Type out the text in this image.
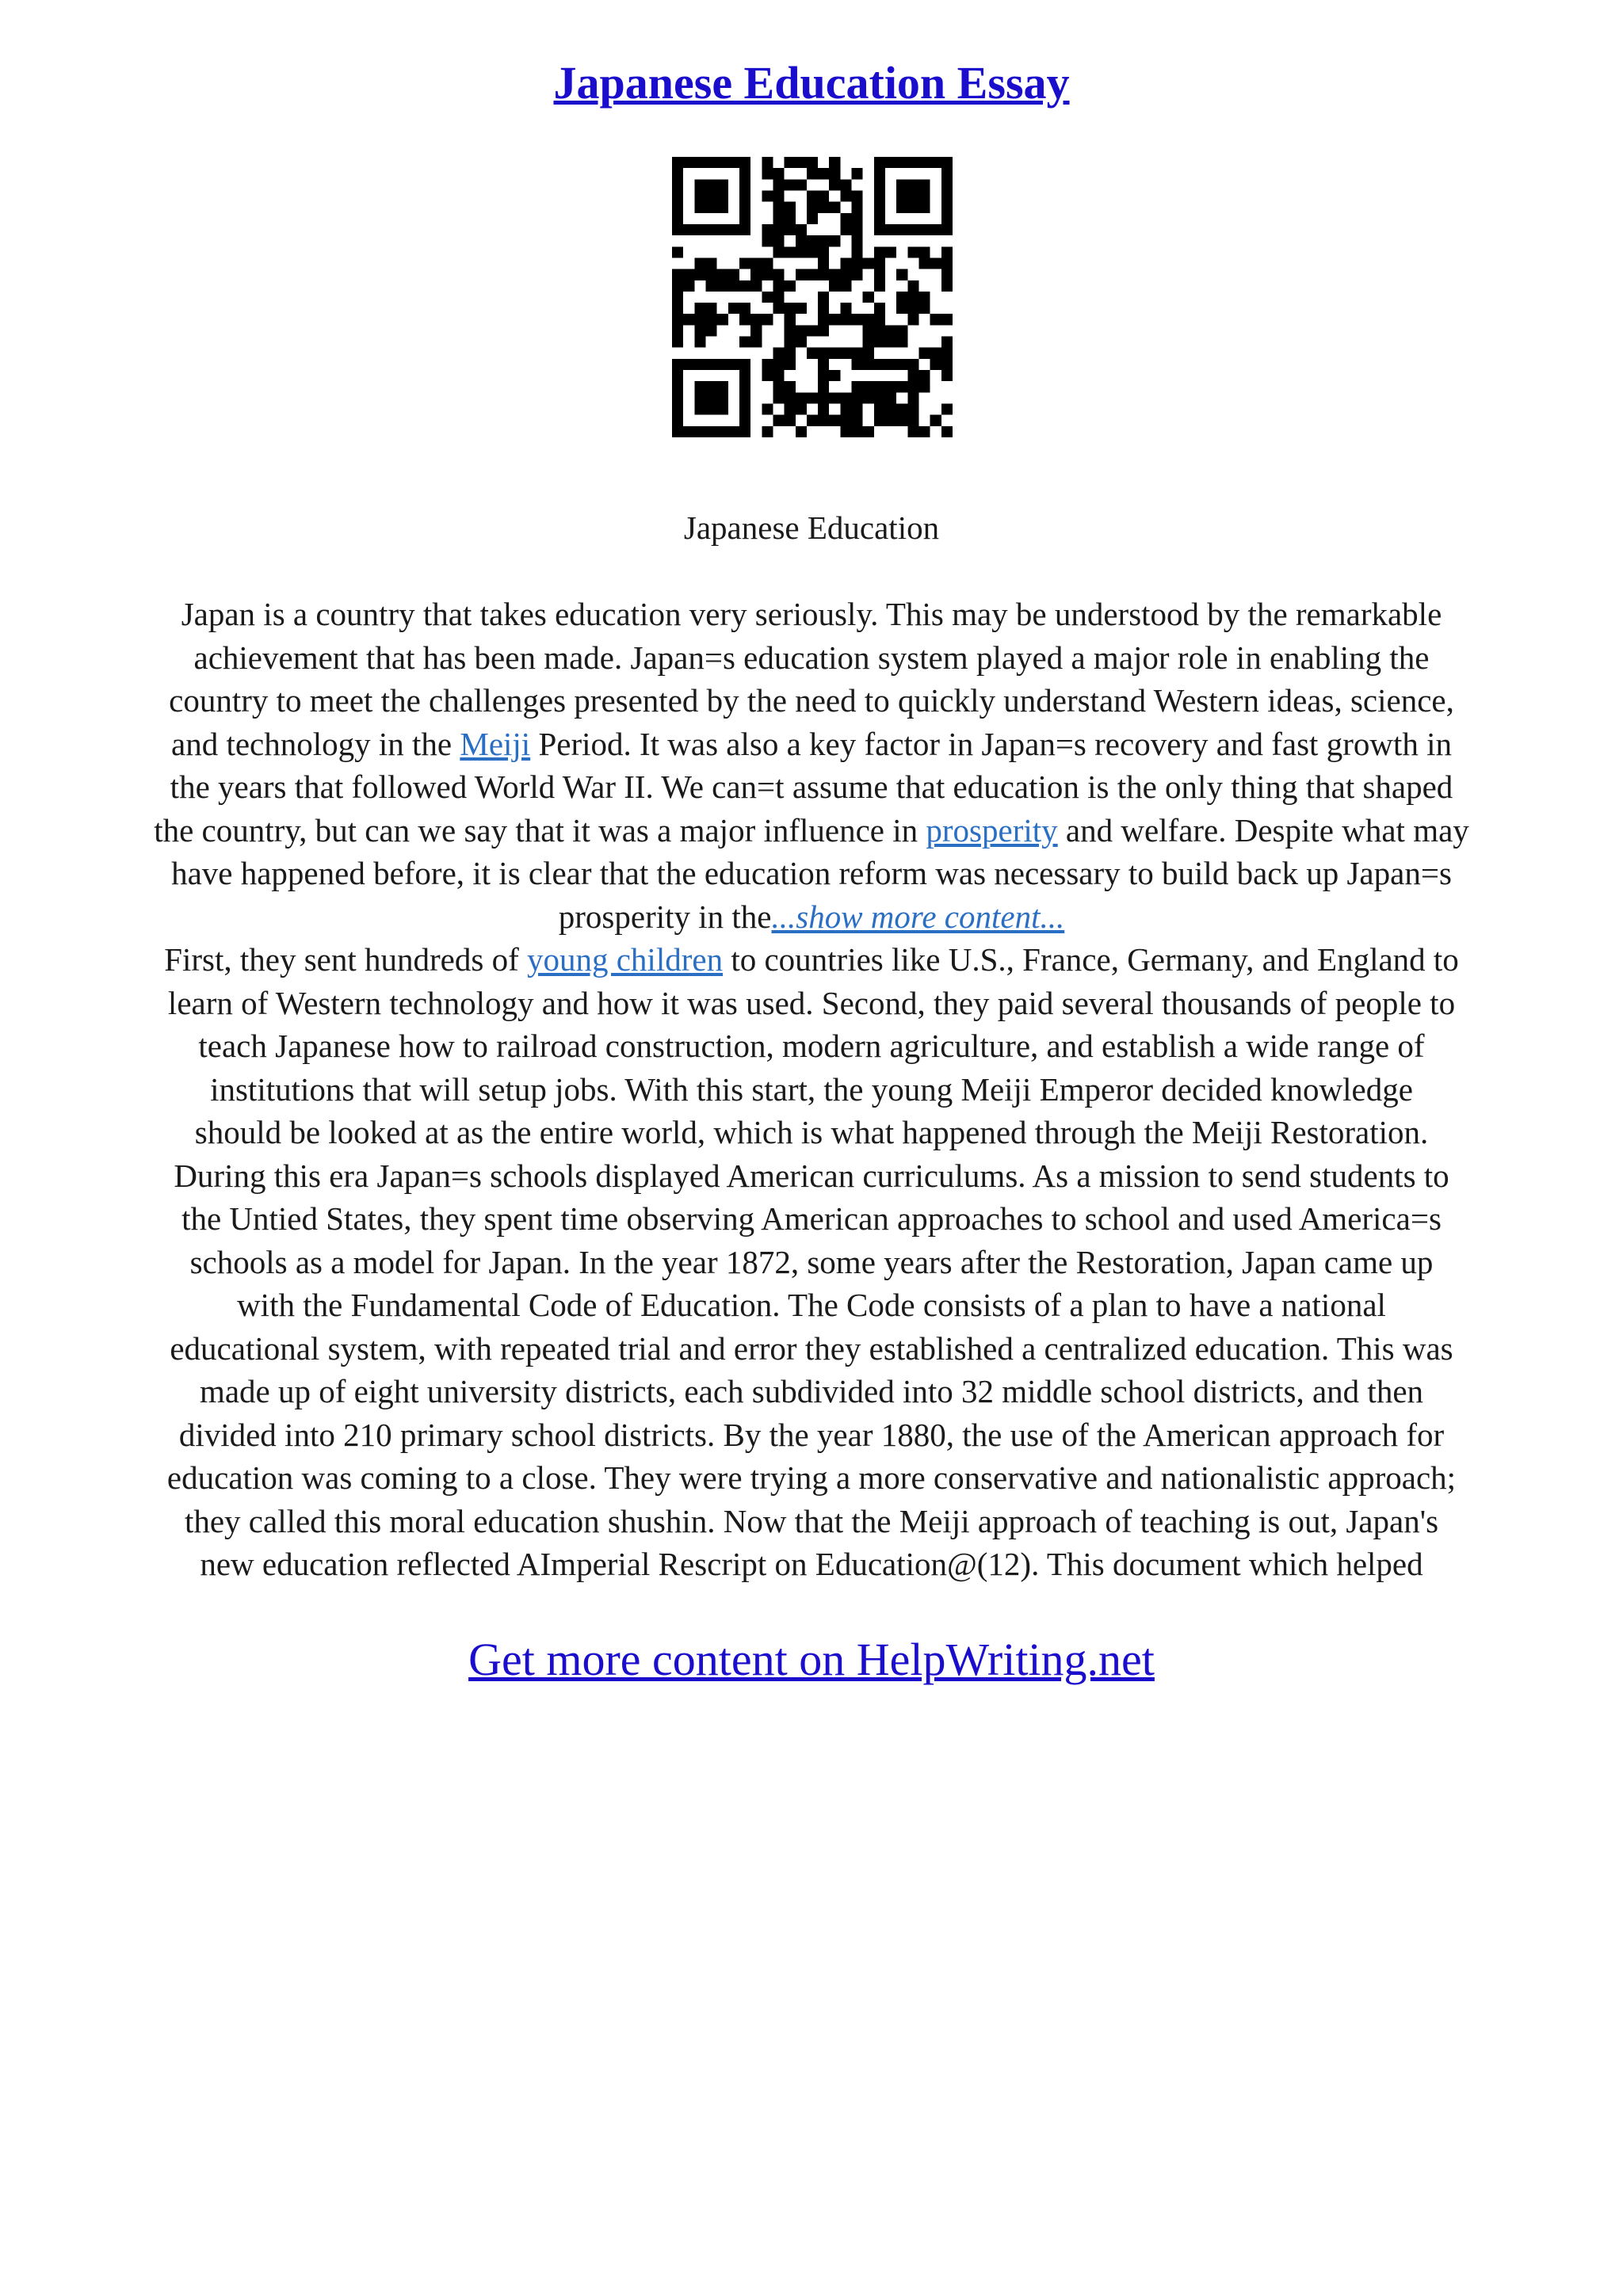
Japanese Education Essay
Japanese Education
Japan is a country that takes education very seriously. This may be understood by the remarkable
achievement that has been made. Japan=s education system played a major role in enabling the
country to meet the challenges presented by the need to quickly understand Western ideas, science,
and technology in the Meiji Period. It was also a key factor in Japan=s recovery and fast growth in
the years that followed World War II. We can=t assume that education is the only thing that shaped
the country, but can we say that it was a major influence in prosperity and welfare. Despite what may
have happened before, it is clear that the education reform was necessary to build back up Japan=s
prosperity in the...show more content...
First, they sent hundreds of young children to countries like U.S., France, Germany, and England to
learn of Western technology and how it was used. Second, they paid several thousands of people to
teach Japanese how to railroad construction, modern agriculture, and establish a wide range of
institutions that will setup jobs. With this start, the young Meiji Emperor decided knowledge
should be looked at as the entire world, which is what happened through the Meiji Restoration.
During this era Japan=s schools displayed American curriculums. As a mission to send students to
the Untied States, they spent time observing American approaches to school and used America=s
schools as a model for Japan. In the year 1872, some years after the Restoration, Japan came up
with the Fundamental Code of Education. The Code consists of a plan to have a national
educational system, with repeated trial and error they established a centralized education. This was
made up of eight university districts, each subdivided into 32 middle school districts, and then
divided into 210 primary school districts. By the year 1880, the use of the American approach for
education was coming to a close. They were trying a more conservative and nationalistic approach;
they called this moral education shushin. Now that the Meiji approach of teaching is out, Japan's
new education reflected AImperial Rescript on Education@(12). This document which helped
Get more content on HelpWriting.net
